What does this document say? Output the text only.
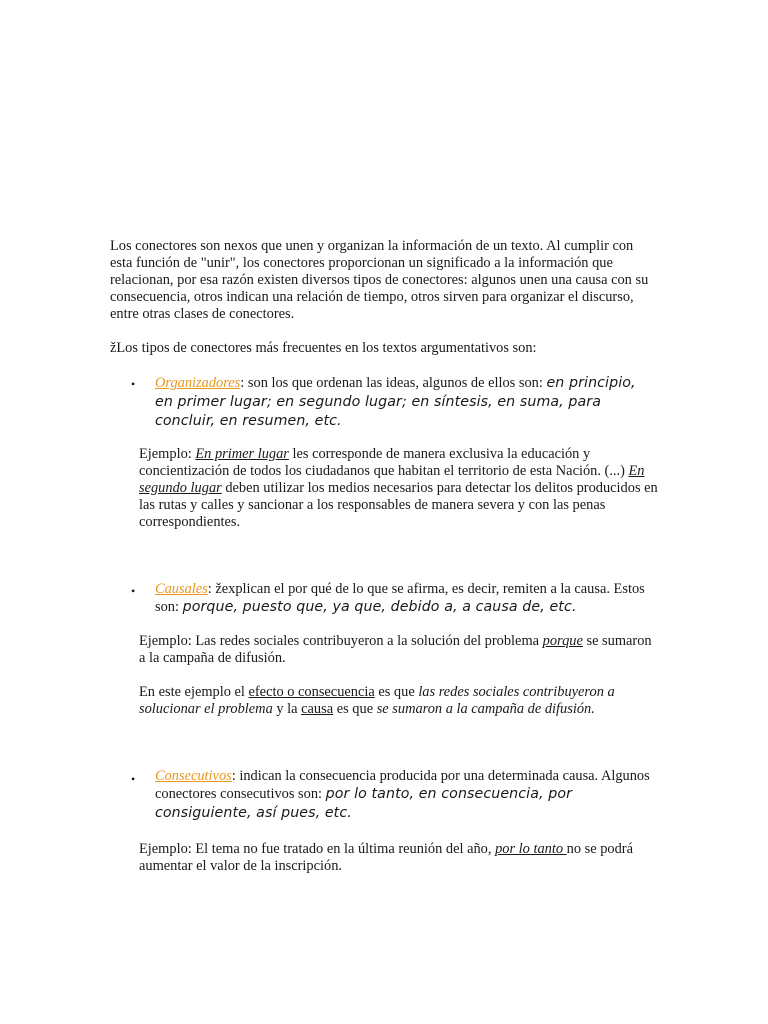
Los conectores son nexos que unen y organizan la información de un texto. Al cumplir con esta función de "unir", los conectores proporcionan un significado a la información que relacionan, por esa razón existen diversos tipos de conectores: algunos unen una causa con su consecuencia, otros indican una relación de tiempo, otros sirven para organizar el discurso, entre otras clases de conectores.

žLos tipos de conectores más frecuentes en los textos argumentativos son:

• Organizadores: son los que ordenan las ideas, algunos de ellos son: en principio, en primer lugar; en segundo lugar; en síntesis, en suma, para concluir, en resumen, etc.

Ejemplo: En primer lugar les corresponde de manera exclusiva la educación y concientización de todos los ciudadanos que habitan el territorio de esta Nación. (...) En segundo lugar deben utilizar los medios necesarios para detectar los delitos producidos en las rutas y calles y sancionar a los responsables de manera severa y con las penas correspondientes.

• Causales: žexplican el por qué de lo que se afirma, es decir, remiten a la causa. Estos son: porque, puesto que, ya que, debido a, a causa de, etc.

Ejemplo: Las redes sociales contribuyeron a la solución del problema porque se sumaron a la campaña de difusión.

En este ejemplo el efecto o consecuencia es que las redes sociales contribuyeron a solucionar el problema y la causa es que se sumaron a la campaña de difusión.

• Consecutivos: indican la consecuencia producida por una determinada causa. Algunos conectores consecutivos son: por lo tanto, en consecuencia, por consiguiente, así pues, etc.

Ejemplo: El tema no fue tratado en la última reunión del año, por lo tanto no se podrá aumentar el valor de la inscripción.
